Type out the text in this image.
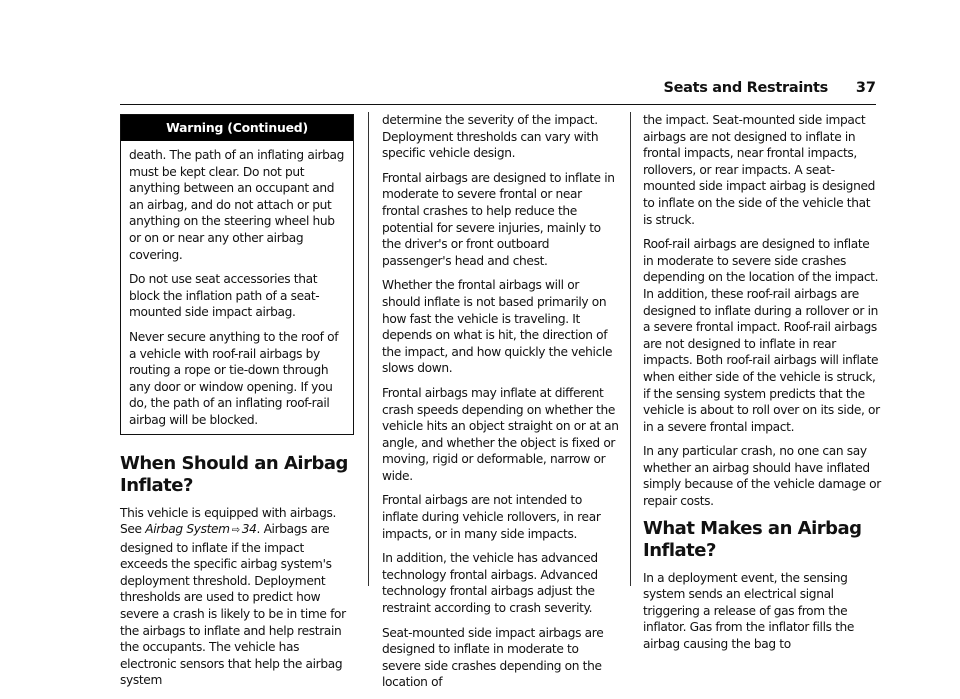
Seats and Restraints 37
Warning (Continued)

death. The path of an inflating airbag must be kept clear. Do not put anything between an occupant and an airbag, and do not attach or put anything on the steering wheel hub or on or near any other airbag covering.

Do not use seat accessories that block the inflation path of a seat-mounted side impact airbag.

Never secure anything to the roof of a vehicle with roof-rail airbags by routing a rope or tie-down through any door or window opening. If you do, the path of an inflating roof-rail airbag will be blocked.

When Should an Airbag Inflate?

This vehicle is equipped with airbags. See Airbag System ⇨ 34. Airbags are designed to inflate if the impact exceeds the specific airbag system's deployment threshold. Deployment thresholds are used to predict how severe a crash is likely to be in time for the airbags to inflate and help restrain the occupants. The vehicle has electronic sensors that help the airbag system

determine the severity of the impact. Deployment thresholds can vary with specific vehicle design.

Frontal airbags are designed to inflate in moderate to severe frontal or near frontal crashes to help reduce the potential for severe injuries, mainly to the driver's or front outboard passenger's head and chest.

Whether the frontal airbags will or should inflate is not based primarily on how fast the vehicle is traveling. It depends on what is hit, the direction of the impact, and how quickly the vehicle slows down.

Frontal airbags may inflate at different crash speeds depending on whether the vehicle hits an object straight on or at an angle, and whether the object is fixed or moving, rigid or deformable, narrow or wide.

Frontal airbags are not intended to inflate during vehicle rollovers, in rear impacts, or in many side impacts.

In addition, the vehicle has advanced technology frontal airbags. Advanced technology frontal airbags adjust the restraint according to crash severity.

Seat-mounted side impact airbags are designed to inflate in moderate to severe side crashes depending on the location of

the impact. Seat-mounted side impact airbags are not designed to inflate in frontal impacts, near frontal impacts, rollovers, or rear impacts. A seat-mounted side impact airbag is designed to inflate on the side of the vehicle that is struck.

Roof-rail airbags are designed to inflate in moderate to severe side crashes depending on the location of the impact. In addition, these roof-rail airbags are designed to inflate during a rollover or in a severe frontal impact. Roof-rail airbags are not designed to inflate in rear impacts. Both roof-rail airbags will inflate when either side of the vehicle is struck, if the sensing system predicts that the vehicle is about to roll over on its side, or in a severe frontal impact.

In any particular crash, no one can say whether an airbag should have inflated simply because of the vehicle damage or repair costs.

What Makes an Airbag Inflate?

In a deployment event, the sensing system sends an electrical signal triggering a release of gas from the inflator. Gas from the inflator fills the airbag causing the bag to
